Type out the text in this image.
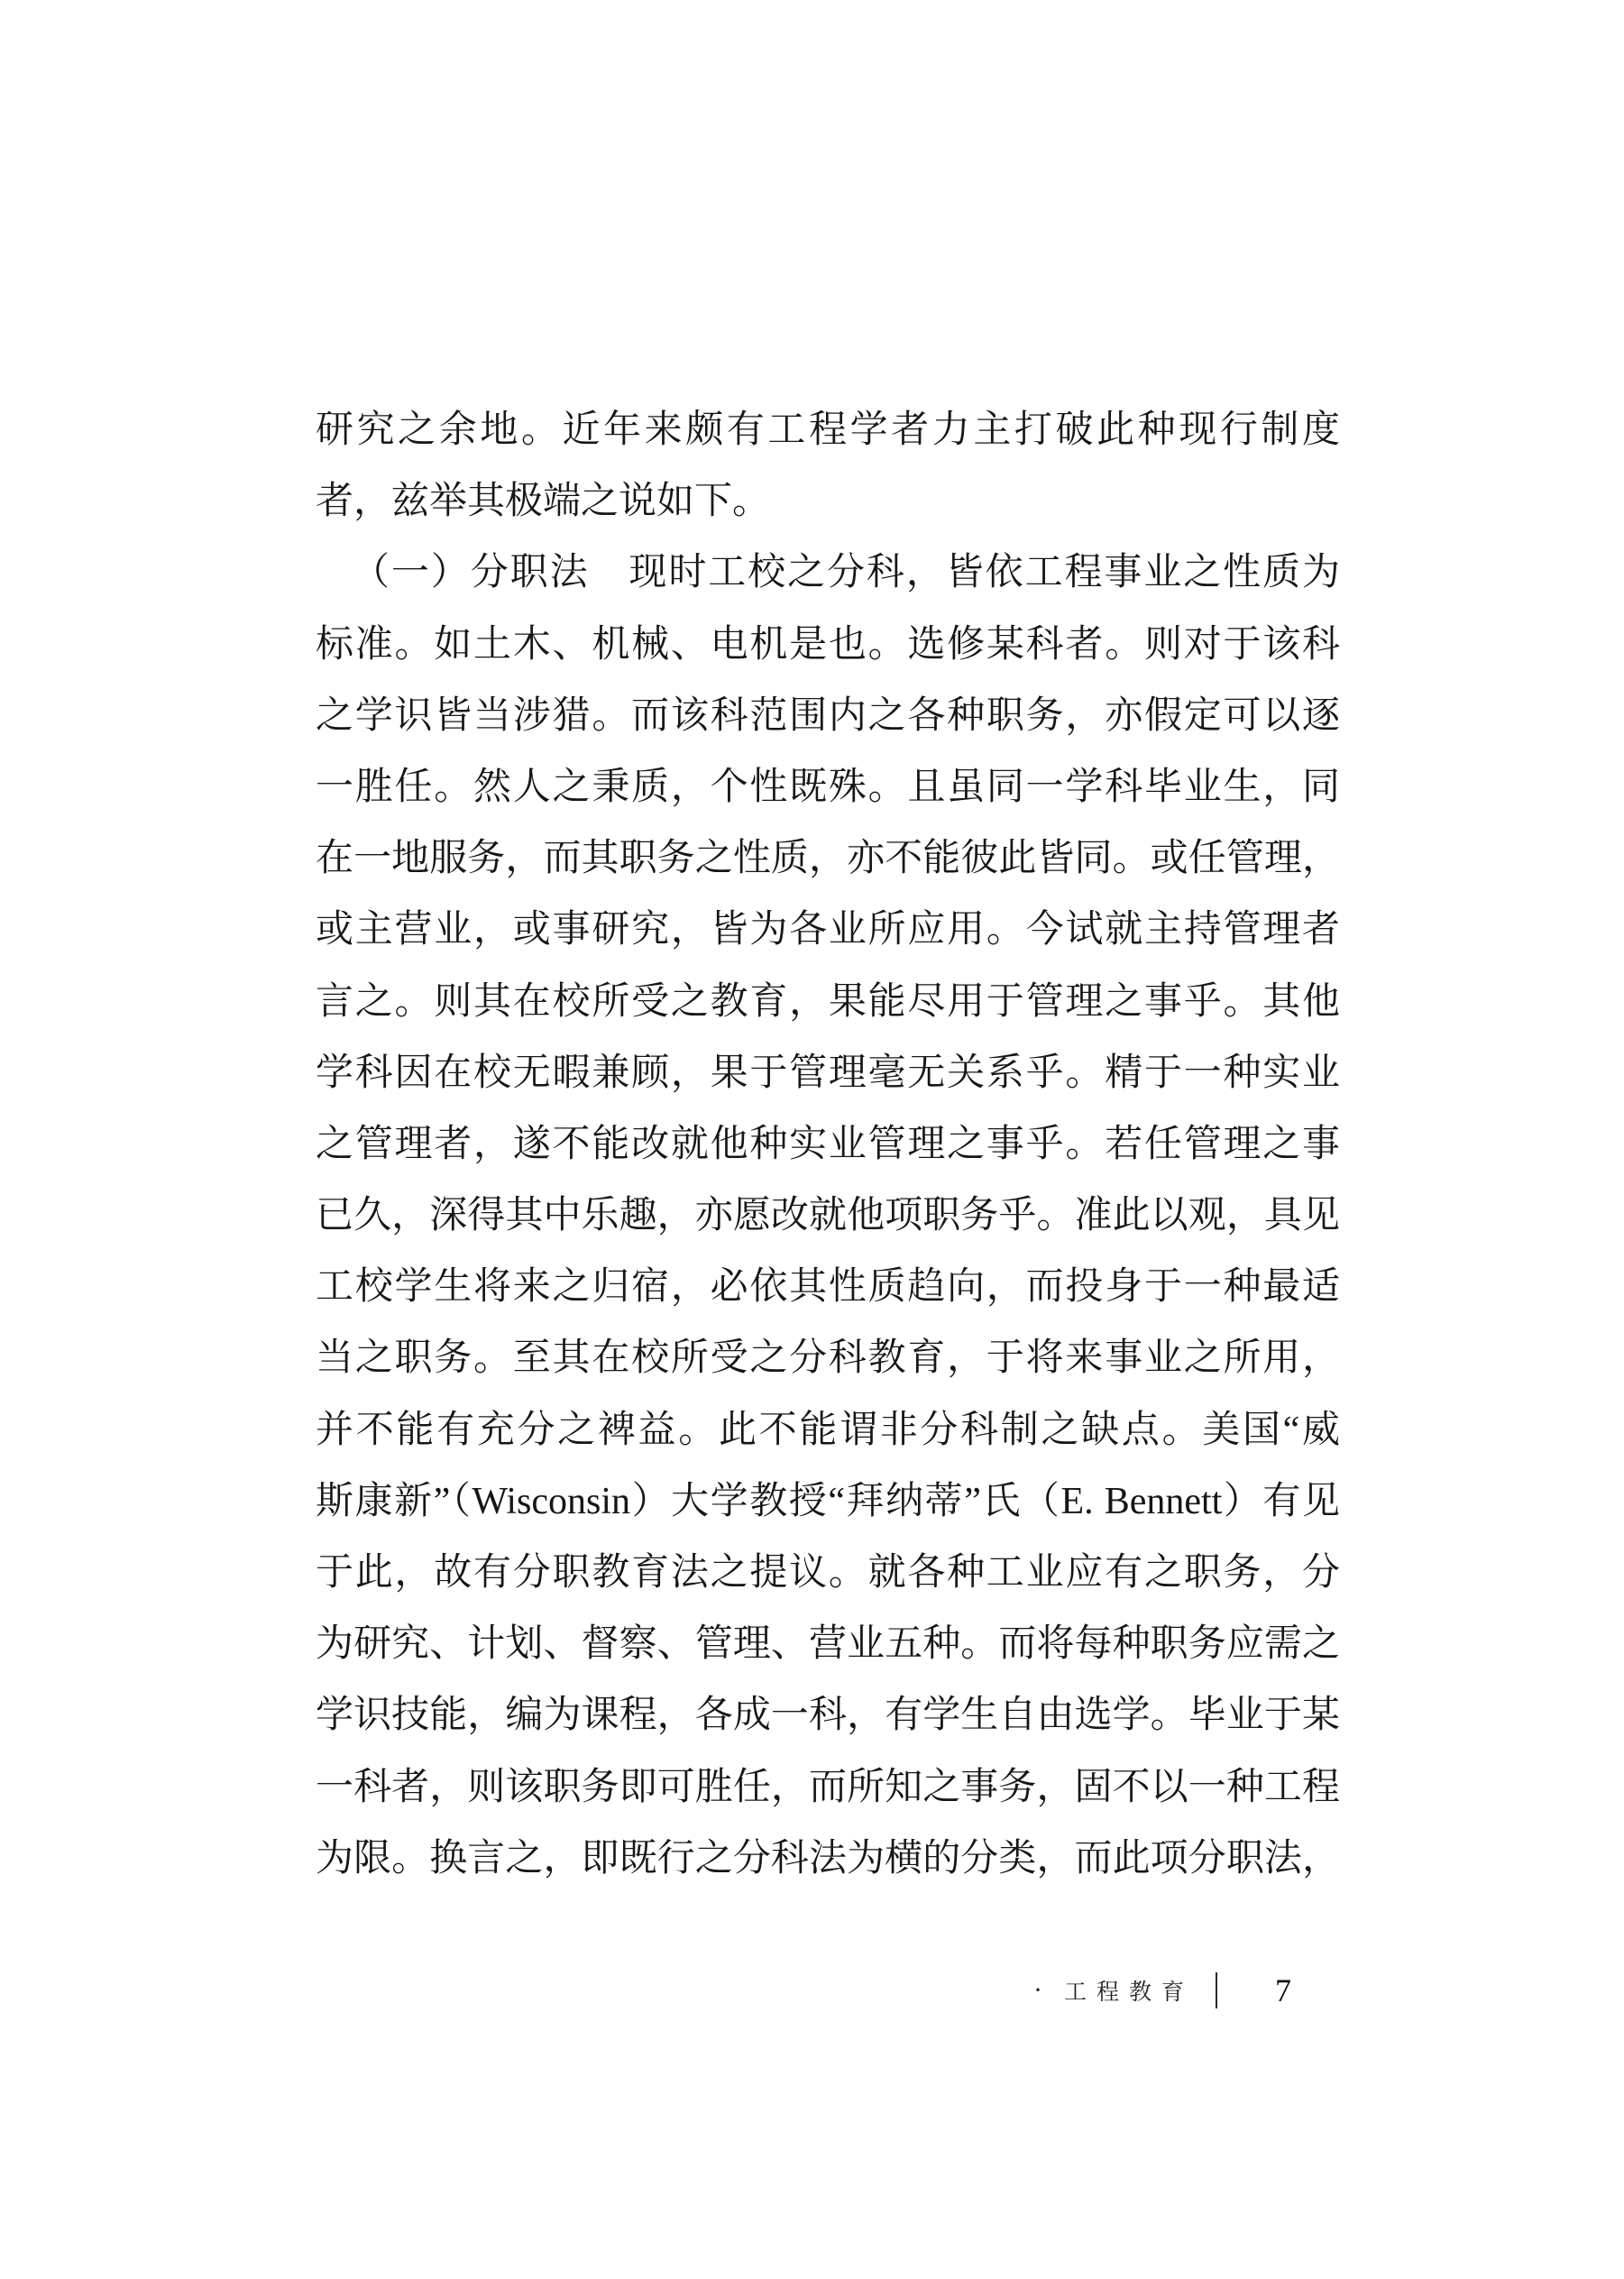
研究之余地。近年来颇有工程学者力主打破此种现行制度
者，兹举其极端之说如下。
（一）分职法　现时工校之分科，皆依工程事业之性质为
标准。如土木、机械、电机是也。选修某科者。则对于该科
之学识皆当涉猎。而该科范围内之各种职务，亦假定可以逐
一胜任。然人之秉质，个性既殊。且虽同一学科毕业生，同
在一地服务，而其职务之性质，亦不能彼此皆同。或任管理，
或主营业，或事研究，皆为各业所应用。今试就主持管理者
言之。则其在校所受之教育，果能尽用于管理之事乎。其他
学科因在校无暇兼顾，果于管理毫无关系乎。精于一种实业
之管理者，遂不能改就他种实业管理之事乎。若任管理之事
已久，深得其中乐趣，亦愿改就他项职务乎。准此以观，具见
工校学生将来之归宿，必依其性质趋向，而投身于一种最适
当之职务。至其在校所受之分科教育，于将来事业之所用，
并不能有充分之裨益。此不能谓非分科制之缺点。美国“威
斯康新”（Wisconsin）大学教授“拜纳蒂”氏（E. Bennett）有见
于此，故有分职教育法之提议。就各种工业应有之职务，分
为研究、计划、督察、管理、营业五种。而将每种职务应需之
学识技能，编为课程，各成一科，有学生自由选学。毕业于某
一科者，则该职务即可胜任，而所知之事务，固不以一种工程
为限。换言之，即既行之分科法为横的分类，而此项分职法，
· 工程教育	7
